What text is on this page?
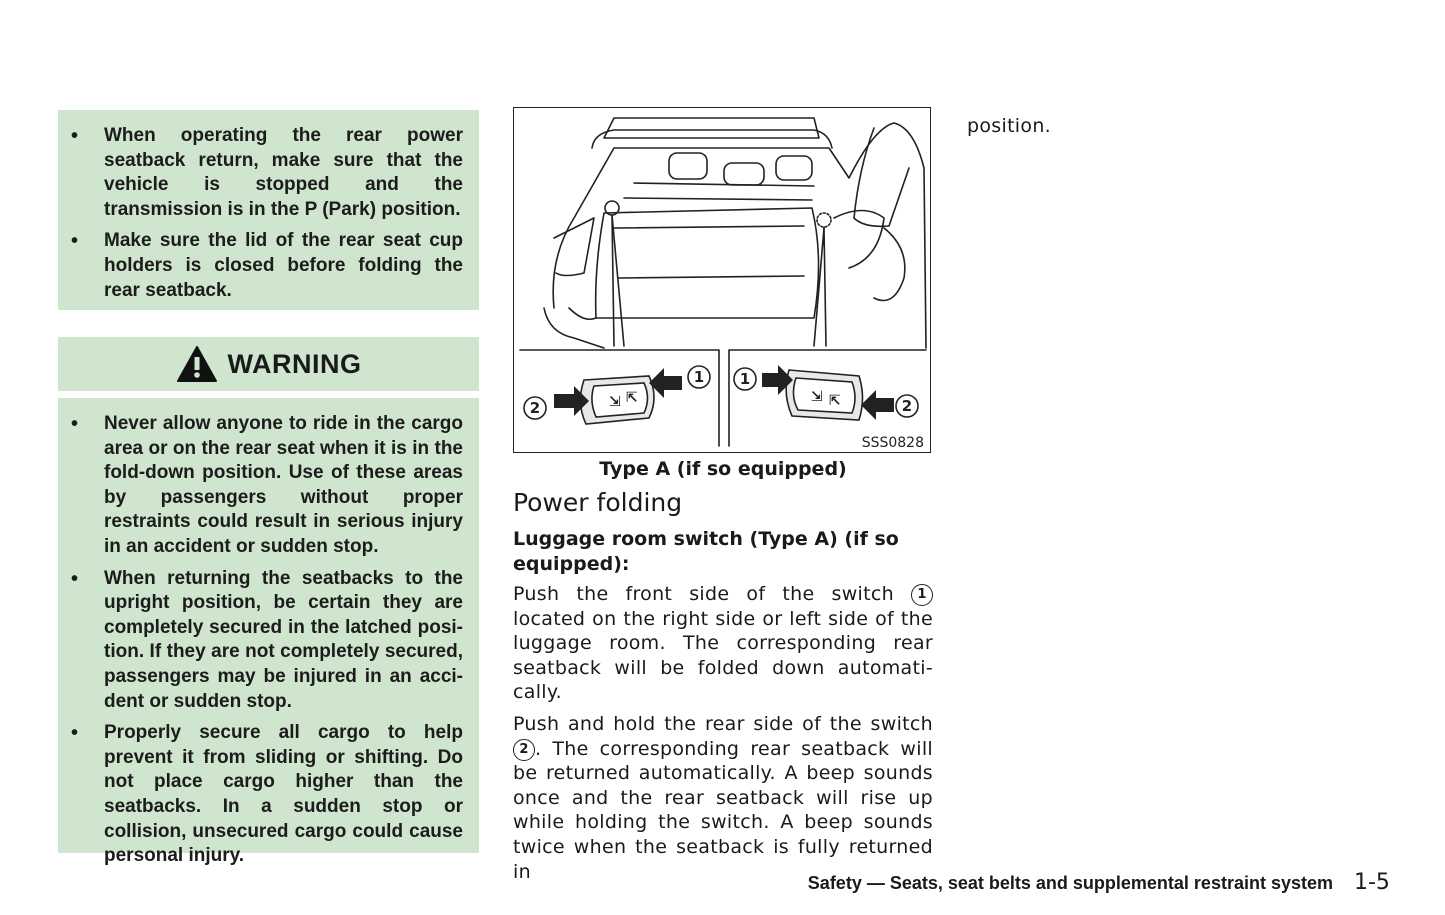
• When operating the rear power seatback return, make sure that the vehicle is stopped and the transmission is in the P (Park) position.
• Make sure the lid of the rear seat cup holders is closed before folding the rear seatback.
WARNING
• Never allow anyone to ride in the cargo area or on the rear seat when it is in the fold-down position. Use of these areas by passengers without proper restraints could result in serious injury in an accident or sudden stop.
• When returning the seatbacks to the upright position, be certain they are completely secured in the latched posi-tion. If they are not completely secured, passengers may be injured in an acci-dent or sudden stop.
• Properly secure all cargo to help prevent it from sliding or shifting. Do not place cargo higher than the seatbacks. In a sudden stop or collision, unsecured cargo could cause personal injury.
⇲ ⇱	⇲ ⇱
2
1 1
2
SSS0828
Type A (if so equipped)
Power folding
Luggage room switch (Type A) (if so equipped):
Push the front side of the switch 1 located on the right side or left side of the luggage room. The corresponding rear seatback will be folded down automati-cally.
Push and hold the rear side of the switch 2 . The corresponding rear seatback will be returned automatically. A beep sounds once and the rear seatback will rise up while holding the switch. A beep sounds twice when the seatback is fully returned in
position.
Safety — Seats, seat belts and supplemental restraint system 1-5
